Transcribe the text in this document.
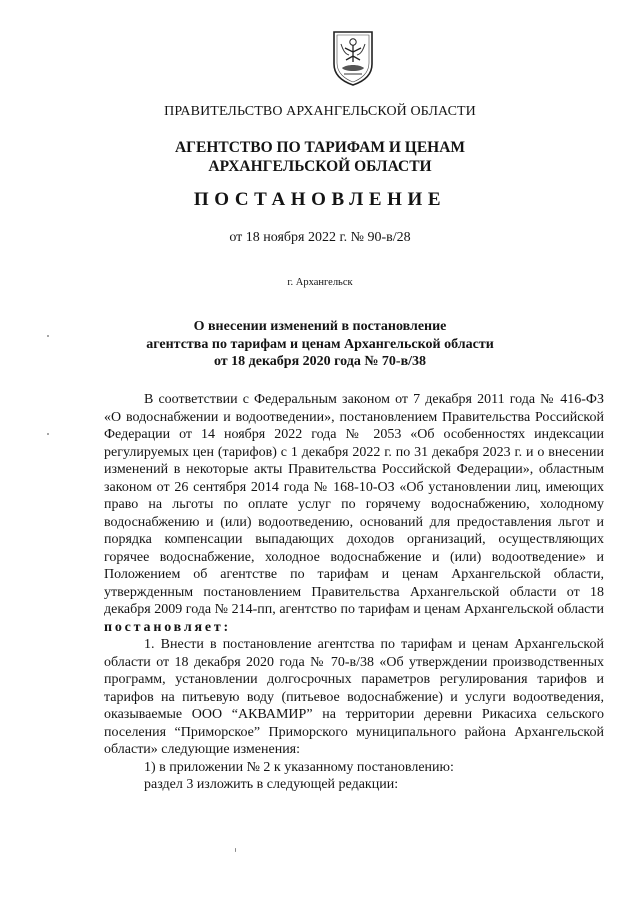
ПРАВИТЕЛЬСТВО АРХАНГЕЛЬСКОЙ ОБЛАСТИ
АГЕНТСТВО ПО ТАРИФАМ И ЦЕНАМ
АРХАНГЕЛЬСКОЙ ОБЛАСТИ
ПОСТАНОВЛЕНИЕ
от 18 ноября 2022 г. № 90-в/28
г. Архангельск
О внесении изменений в постановление
агентства по тарифам и ценам Архангельской области
от 18 декабря 2020 года № 70-в/38

В соответствии с Федеральным законом от 7 декабря 2011 года № 416-ФЗ «О водоснабжении и водоотведении», постановлением Правительства Российской Федерации от 14 ноября 2022 года № 2053 «Об особенностях индексации регулируемых цен (тарифов) с 1 декабря 2022 г. по 31 декабря 2023 г. и о внесении изменений в некоторые акты Правительства Российской Федерации», областным законом от 26 сентября 2014 года № 168-10-ОЗ «Об установлении лиц, имеющих право на льготы по оплате услуг по горячему водоснабжению, холодному водоснабжению и (или) водоотведению, оснований для предоставления льгот и порядка компенсации выпадающих доходов организаций, осуществляющих горячее водоснабжение, холодное водоснабжение и (или) водоотведение» и Положением об агентстве по тарифам и ценам Архангельской области, утвержденным постановлением Правительства Архангельской области от 18 декабря 2009 года № 214-пп, агентство по тарифам и ценам Архангельской области постановляет:

1. Внести в постановление агентства по тарифам и ценам Архангельской области от 18 декабря 2020 года № 70-в/38 «Об утверждении производственных программ, установлении долгосрочных параметров регулирования тарифов и тарифов на питьевую воду (питьевое водоснабжение) и услуги водоотведения, оказываемые ООО “АКВАМИР” на территории деревни Рикасиха сельского поселения “Приморское” Приморского муниципального района Архангельской области» следующие изменения:

1) в приложении № 2 к указанному постановлению:

раздел 3 изложить в следующей редакции:
